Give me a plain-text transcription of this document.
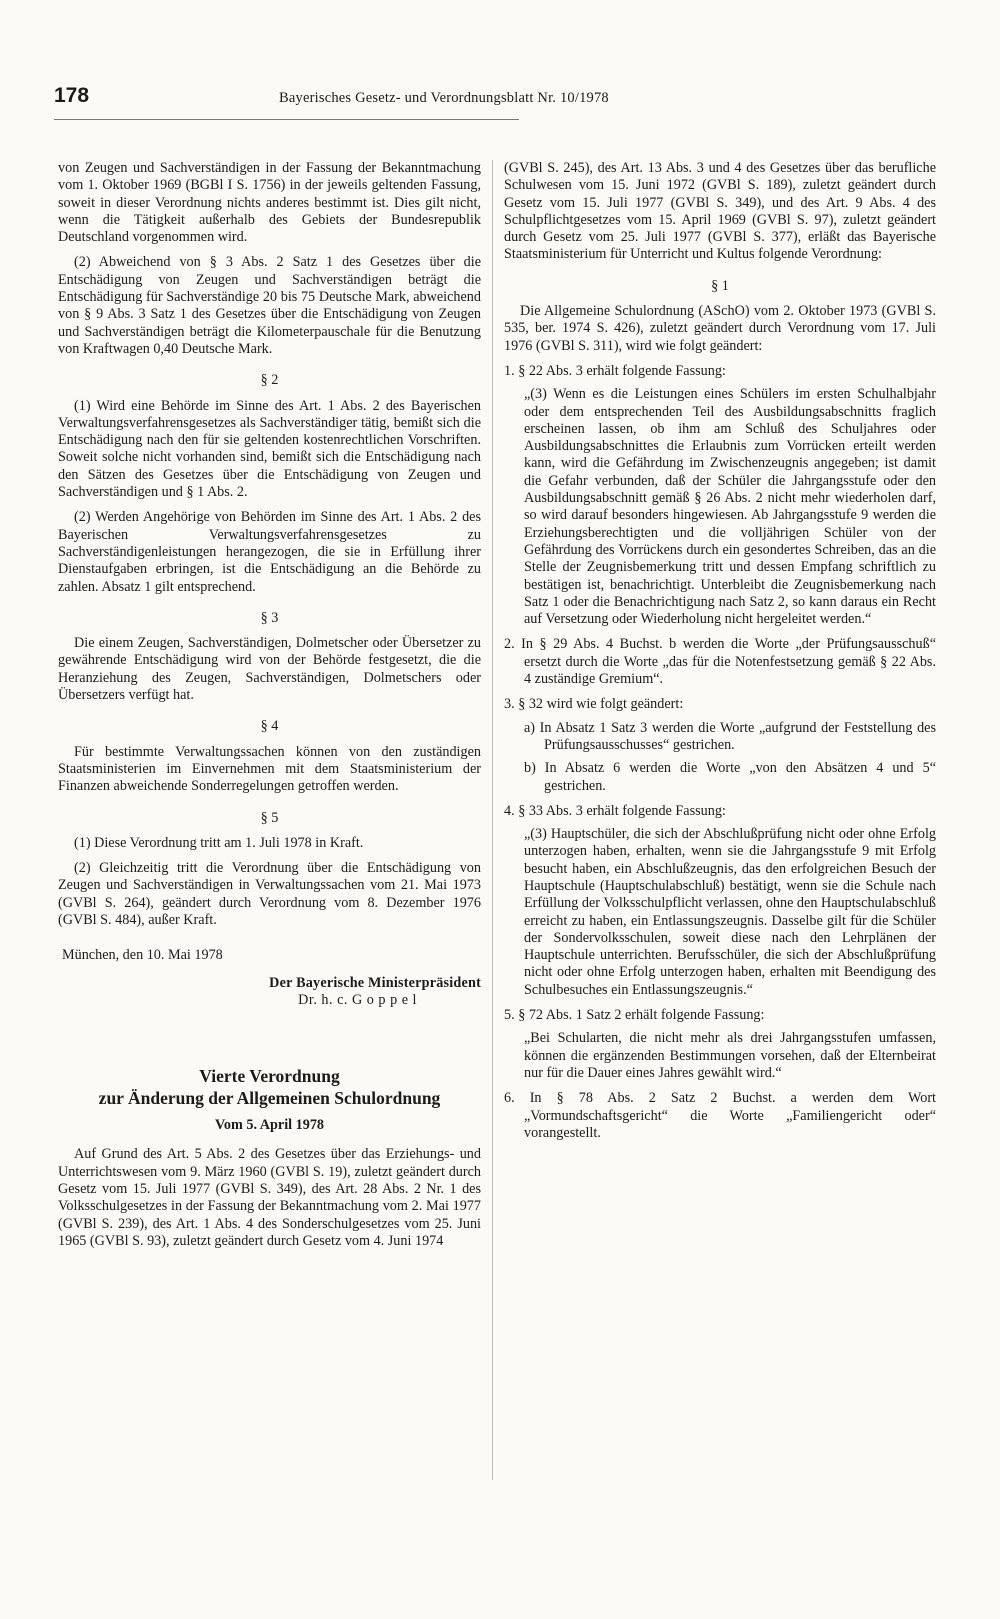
178	Bayerisches Gesetz- und Verordnungsblatt Nr. 10/1978

von Zeugen und Sachverständigen in der Fassung der Bekanntmachung vom 1. Oktober 1969 (BGBl I S. 1756) in der jeweils geltenden Fassung, soweit in dieser Verordnung nichts anderes bestimmt ist. Dies gilt nicht, wenn die Tätigkeit außerhalb des Gebiets der Bundesrepublik Deutschland vorgenommen wird.

(2) Abweichend von § 3 Abs. 2 Satz 1 des Gesetzes über die Entschädigung von Zeugen und Sachverständigen beträgt die Entschädigung für Sachverständige 20 bis 75 Deutsche Mark, abweichend von § 9 Abs. 3 Satz 1 des Gesetzes über die Entschädigung von Zeugen und Sachverständigen beträgt die Kilometerpauschale für die Benutzung von Kraftwagen 0,40 Deutsche Mark.

§ 2

(1) Wird eine Behörde im Sinne des Art. 1 Abs. 2 des Bayerischen Verwaltungsverfahrensgesetzes als Sachverständiger tätig, bemißt sich die Entschädigung nach den für sie geltenden kostenrechtlichen Vorschriften. Soweit solche nicht vorhanden sind, bemißt sich die Entschädigung nach den Sätzen des Gesetzes über die Entschädigung von Zeugen und Sachverständigen und § 1 Abs. 2.

(2) Werden Angehörige von Behörden im Sinne des Art. 1 Abs. 2 des Bayerischen Verwaltungsverfahrensgesetzes zu Sachverständigenleistungen herangezogen, die sie in Erfüllung ihrer Dienstaufgaben erbringen, ist die Entschädigung an die Behörde zu zahlen. Absatz 1 gilt entsprechend.

§ 3

Die einem Zeugen, Sachverständigen, Dolmetscher oder Übersetzer zu gewährende Entschädigung wird von der Behörde festgesetzt, die die Heranziehung des Zeugen, Sachverständigen, Dolmetschers oder Übersetzers verfügt hat.

§ 4

Für bestimmte Verwaltungssachen können von den zuständigen Staatsministerien im Einvernehmen mit dem Staatsministerium der Finanzen abweichende Sonderregelungen getroffen werden.

§ 5

(1) Diese Verordnung tritt am 1. Juli 1978 in Kraft.

(2) Gleichzeitig tritt die Verordnung über die Entschädigung von Zeugen und Sachverständigen in Verwaltungssachen vom 21. Mai 1973 (GVBl S. 264), geändert durch Verordnung vom 8. Dezember 1976 (GVBl S. 484), außer Kraft.

München, den 10. Mai 1978

Der Bayerische Ministerpräsident

Dr. h. c. G o p p e l

Vierte Verordnung
zur Änderung der Allgemeinen Schulordnung

Vom 5. April 1978

Auf Grund des Art. 5 Abs. 2 des Gesetzes über das Erziehungs- und Unterrichtswesen vom 9. März 1960 (GVBl S. 19), zuletzt geändert durch Gesetz vom 15. Juli 1977 (GVBl S. 349), des Art. 28 Abs. 2 Nr. 1 des Volksschulgesetzes in der Fassung der Bekanntmachung vom 2. Mai 1977 (GVBl S. 239), des Art. 1 Abs. 4 des Sonderschulgesetzes vom 25. Juni 1965 (GVBl S. 93), zuletzt geändert durch Gesetz vom 4. Juni 1974

(GVBl S. 245), des Art. 13 Abs. 3 und 4 des Gesetzes über das berufliche Schulwesen vom 15. Juni 1972 (GVBl S. 189), zuletzt geändert durch Gesetz vom 15. Juli 1977 (GVBl S. 349), und des Art. 9 Abs. 4 des Schulpflichtgesetzes vom 15. April 1969 (GVBl S. 97), zuletzt geändert durch Gesetz vom 25. Juli 1977 (GVBl S. 377), erläßt das Bayerische Staatsministerium für Unterricht und Kultus folgende Verordnung:

§ 1

Die Allgemeine Schulordnung (ASchO) vom 2. Oktober 1973 (GVBl S. 535, ber. 1974 S. 426), zuletzt geändert durch Verordnung vom 17. Juli 1976 (GVBl S. 311), wird wie folgt geändert:

1. § 22 Abs. 3 erhält folgende Fassung:

„(3) Wenn es die Leistungen eines Schülers im ersten Schulhalbjahr oder dem entsprechenden Teil des Ausbildungsabschnitts fraglich erscheinen lassen, ob ihm am Schluß des Schuljahres oder Ausbildungsabschnittes die Erlaubnis zum Vorrücken erteilt werden kann, wird die Gefährdung im Zwischenzeugnis angegeben; ist damit die Gefahr verbunden, daß der Schüler die Jahrgangsstufe oder den Ausbildungsabschnitt gemäß § 26 Abs. 2 nicht mehr wiederholen darf, so wird darauf besonders hingewiesen. Ab Jahrgangsstufe 9 werden die Erziehungsberechtigten und die volljährigen Schüler von der Gefährdung des Vorrückens durch ein gesondertes Schreiben, das an die Stelle der Zeugnisbemerkung tritt und dessen Empfang schriftlich zu bestätigen ist, benachrichtigt. Unterbleibt die Zeugnisbemerkung nach Satz 1 oder die Benachrichtigung nach Satz 2, so kann daraus ein Recht auf Versetzung oder Wiederholung nicht hergeleitet werden.“

2. In § 29 Abs. 4 Buchst. b werden die Worte „der Prüfungsausschuß“ ersetzt durch die Worte „das für die Notenfestsetzung gemäß § 22 Abs. 4 zuständige Gremium“.

3. § 32 wird wie folgt geändert:

a) In Absatz 1 Satz 3 werden die Worte „aufgrund der Feststellung des Prüfungsausschusses“ gestrichen.

b) In Absatz 6 werden die Worte „von den Absätzen 4 und 5“ gestrichen.

4. § 33 Abs. 3 erhält folgende Fassung:

„(3) Hauptschüler, die sich der Abschlußprüfung nicht oder ohne Erfolg unterzogen haben, erhalten, wenn sie die Jahrgangsstufe 9 mit Erfolg besucht haben, ein Abschlußzeugnis, das den erfolgreichen Besuch der Hauptschule (Hauptschulabschluß) bestätigt, wenn sie die Schule nach Erfüllung der Volksschulpflicht verlassen, ohne den Hauptschulabschluß erreicht zu haben, ein Entlassungszeugnis. Dasselbe gilt für die Schüler der Sondervolksschulen, soweit diese nach den Lehrplänen der Hauptschule unterrichten. Berufsschüler, die sich der Abschlußprüfung nicht oder ohne Erfolg unterzogen haben, erhalten mit Beendigung des Schulbesuches ein Entlassungszeugnis.“

5. § 72 Abs. 1 Satz 2 erhält folgende Fassung:

„Bei Schularten, die nicht mehr als drei Jahrgangsstufen umfassen, können die ergänzenden Bestimmungen vorsehen, daß der Elternbeirat nur für die Dauer eines Jahres gewählt wird.“

6. In § 78 Abs. 2 Satz 2 Buchst. a werden dem Wort „Vormundschaftsgericht“ die Worte „Familiengericht oder“ vorangestellt.
